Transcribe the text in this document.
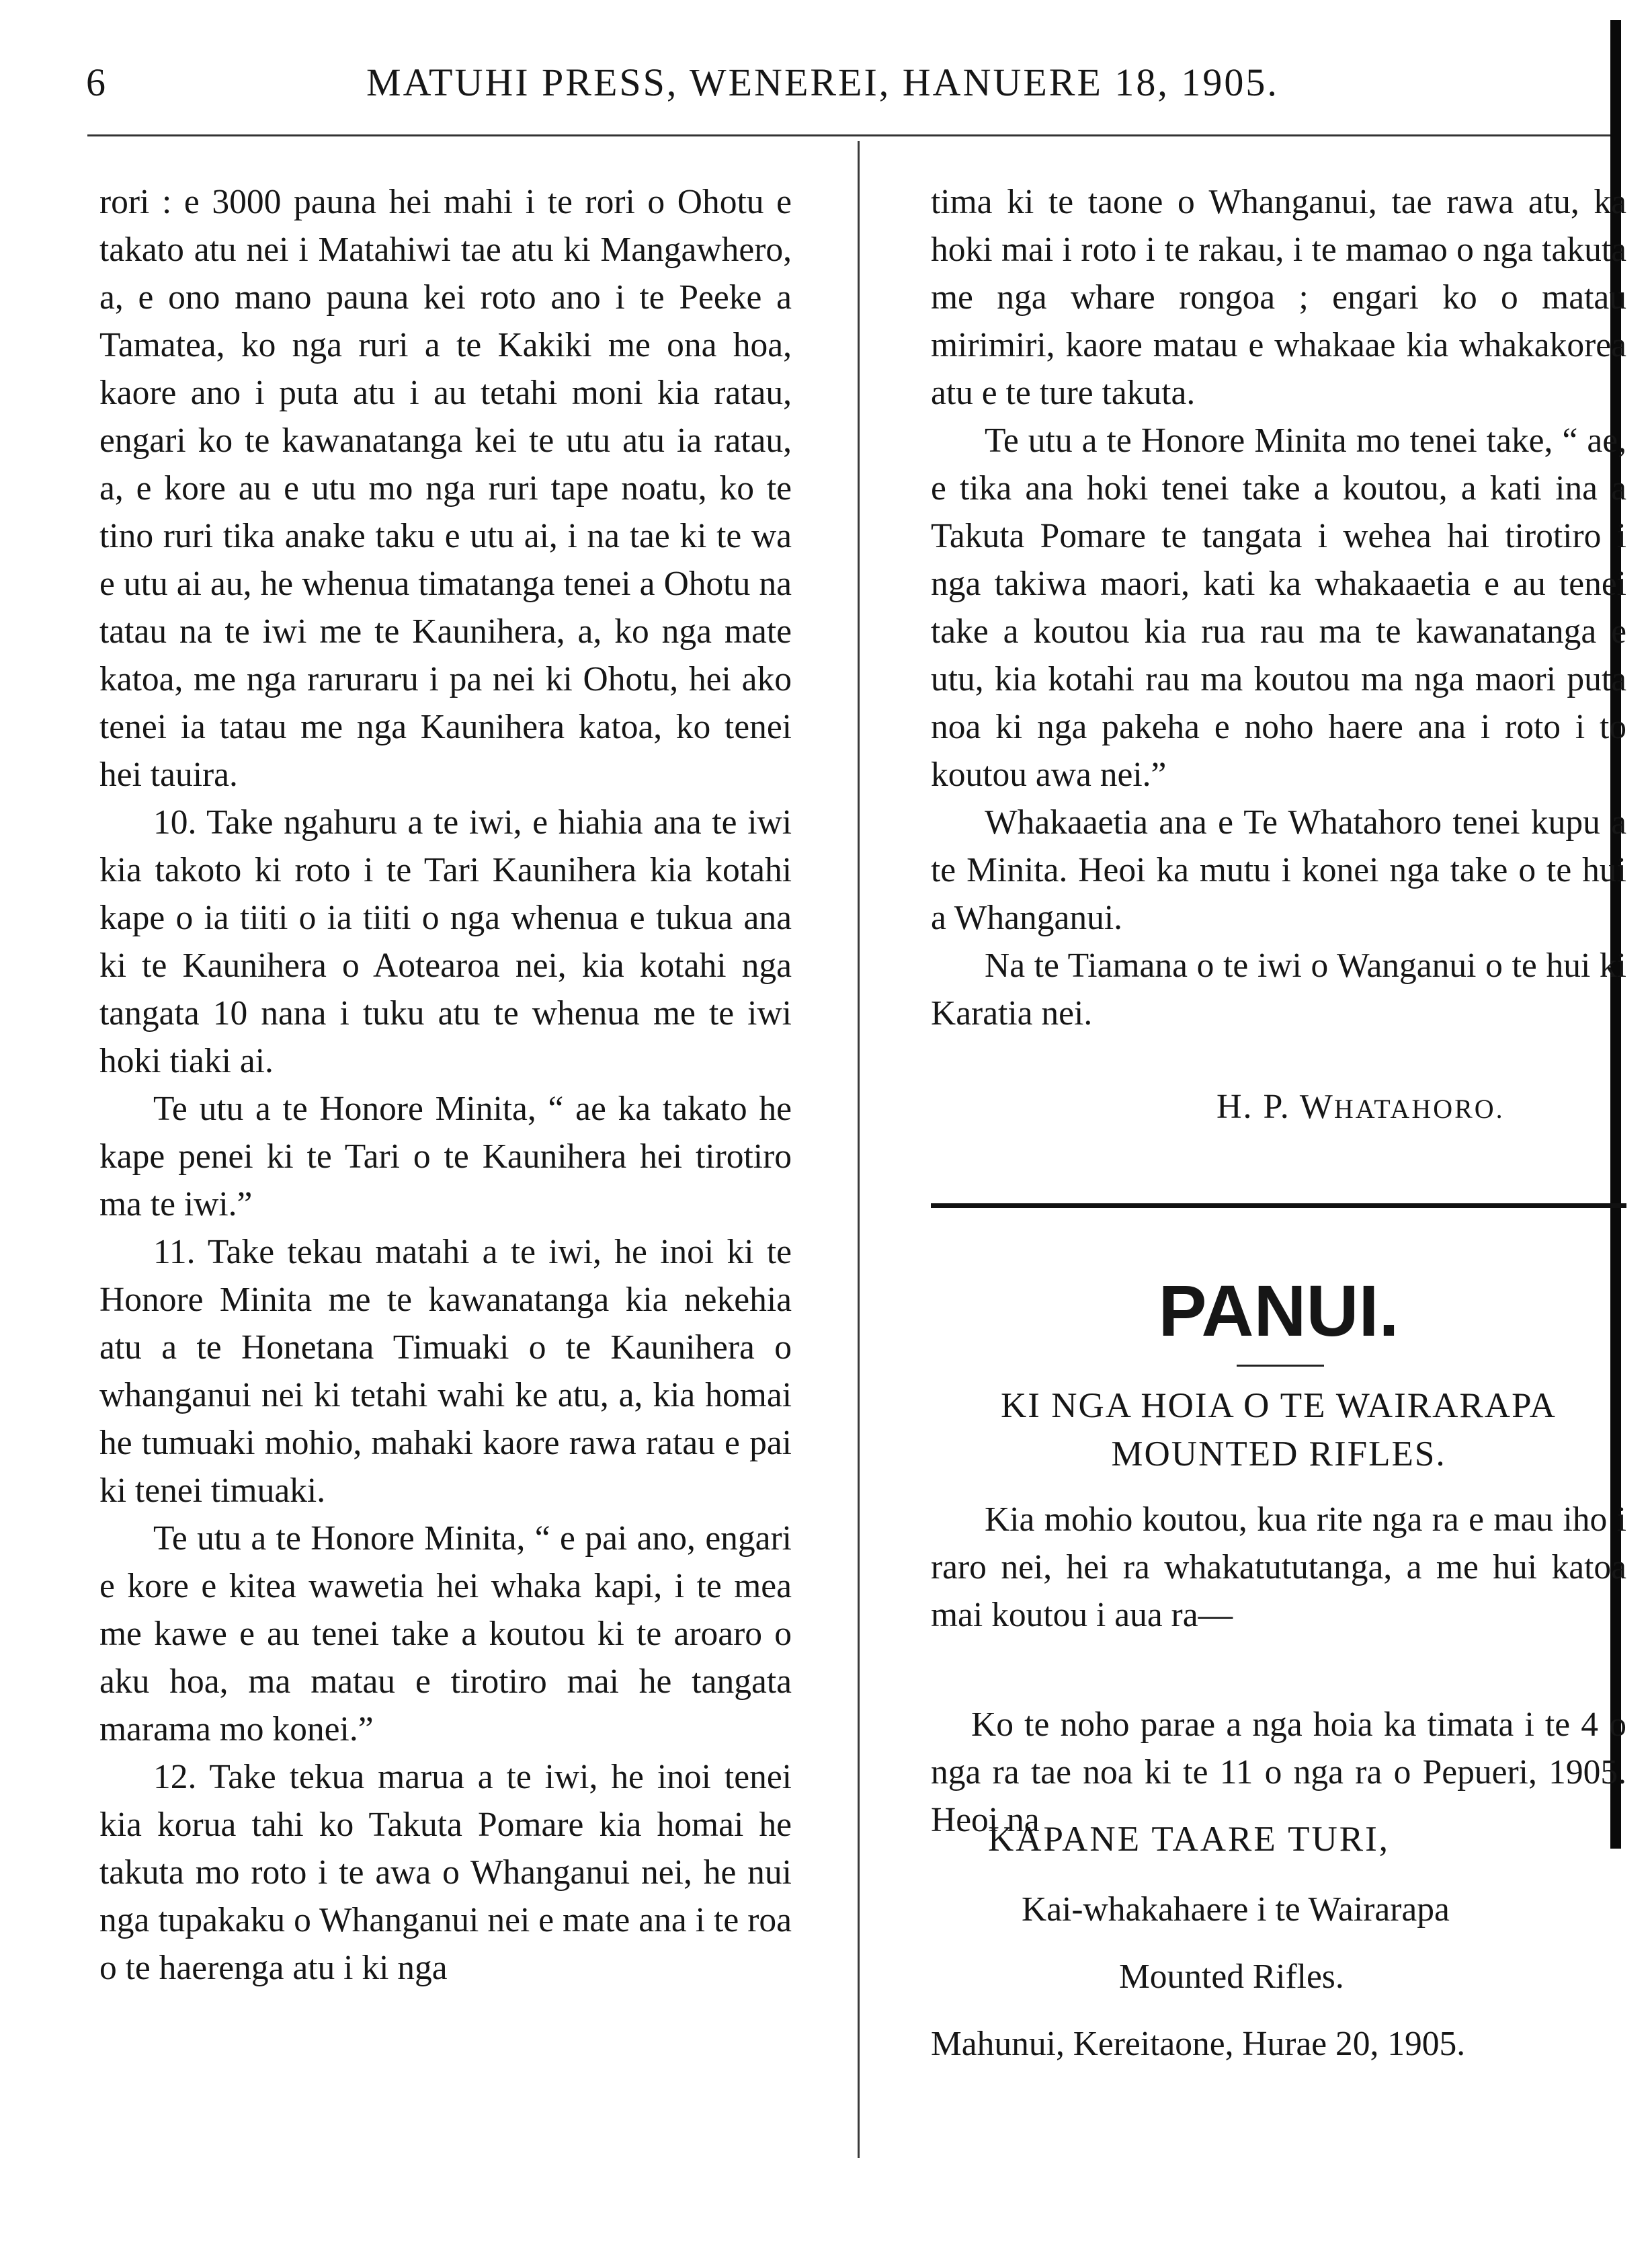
6	MATUHI PRESS, WENEREI, HANUERE 18, 1905.

rori : e 3000 pauna hei mahi i te rori o Ohotu e takato atu nei i Matahiwi tae atu ki Mangawhero, a, e ono mano pauna kei roto ano i te Peeke a Tamatea, ko nga ruri a te Kakiki me ona hoa, kaore ano i puta atu i au tetahi moni kia ratau, engari ko te kawanatanga kei te utu atu ia ratau, a, e kore au e utu mo nga ruri tape noatu, ko te tino ruri tika anake taku e utu ai, i na tae ki te wa e utu ai au, he whenua timatanga tenei a Ohotu na tatau na te iwi me te Kaunihera, a, ko nga mate katoa, me nga raruraru i pa nei ki Ohotu, hei ako tenei ia tatau me nga Kaunihera katoa, ko tenei hei tauira.

10. Take ngahuru a te iwi, e hiahia ana te iwi kia takoto ki roto i te Tari Kaunihera kia kotahi kape o ia tiiti o ia tiiti o nga whenua e tukua ana ki te Kaunihera o Aotearoa nei, kia kotahi nga tangata 10 nana i tuku atu te whenua me te iwi hoki tiaki ai.

Te utu a te Honore Minita, “ ae ka takato he kape penei ki te Tari o te Kaunihera hei tirotiro ma te iwi.”

11. Take tekau matahi a te iwi, he inoi ki te Honore Minita me te kawanatanga kia nekehia atu a te Honetana Timuaki o te Kaunihera o whanganui nei ki tetahi wahi ke atu, a, kia homai he tumuaki mohio, mahaki kaore rawa ratau e pai ki tenei timuaki.

Te utu a te Honore Minita, “ e pai ano, engari e kore e kitea wawetia hei whaka kapi, i te mea me kawe e au tenei take a koutou ki te aroaro o aku hoa, ma matau e tirotiro mai he tangata marama mo konei.”

12. Take tekua marua a te iwi, he inoi tenei kia korua tahi ko Takuta Pomare kia homai he takuta mo roto i te awa o Whanganui nei, he nui nga tupakaku o Whanganui nei e mate ana i te roa o te haerenga atu i ki nga

tima ki te taone o Whanganui, tae rawa atu, ka hoki mai i roto i te rakau, i te mamao o nga takuta me nga whare rongoa ; engari ko o matau mirimiri, kaore matau e whakaae kia whakakorea atu e te ture takuta.

Te utu a te Honore Minita mo tenei take, “ ae, e tika ana hoki tenei take a koutou, a kati ina a Takuta Pomare te tangata i wehea hai tirotiro i nga takiwa maori, kati ka whakaaetia e au tenei take a koutou kia rua rau ma te kawanatanga e utu, kia kotahi rau ma koutou ma nga maori puta noa ki nga pakeha e noho haere ana i roto i to koutou awa nei.”

Whakaaetia ana e Te Whatahoro tenei kupu a te Minita. Heoi ka mutu i konei nga take o te hui a Whanganui.

Na te Tiamana o te iwi o Wanganui o te hui ki Karatia nei.

H. P. WHATAHORO.
PANUI.
KI NGA HOIA O TE WAIRARAPA MOUNTED RIFLES.

Kia mohio koutou, kua rite nga ra e mau iho i raro nei, hei ra whakatututanga, a me hui katoa mai koutou i aua ra—

Ko te noho parae a nga hoia ka timata i te 4 o nga ra tae noa ki te 11 o nga ra o Pepueri, 1905. Heoi na

KAPANE TAARE TURI,
Kai-whakahaere i te Wairarapa
Mounted Rifles.
Mahunui, Kereitaone, Hurae 20, 1905.
